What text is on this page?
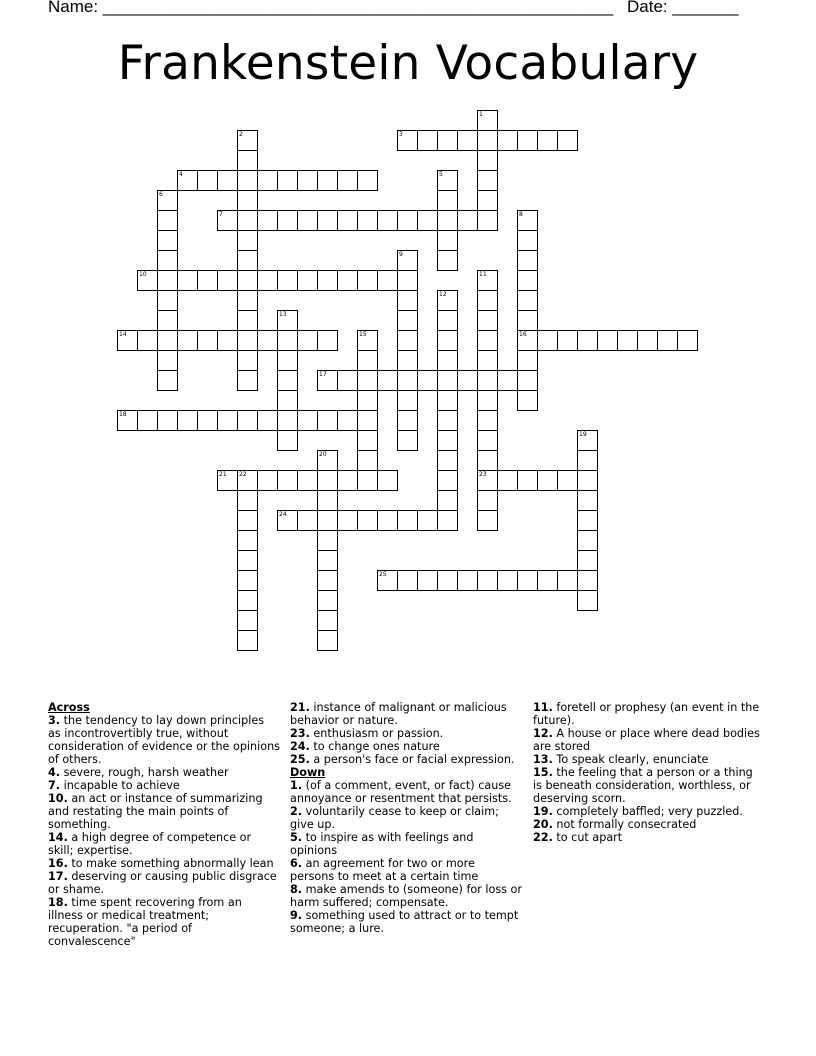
Name: ______________________________________________________ Date: _______
Frankenstein Vocabulary
3
4
7
10
14	16
17
18
21 22	23
24
25
1
2
5
6
8
9
11
12
13
15
19
20
Across
3. the tendency to lay down principles as incontrovertibly true, without consideration of evidence or the opinions of others.
4. severe, rough, harsh weather
7. incapable to achieve
10. an act or instance of summarizing and restating the main points of something.
14. a high degree of competence or skill; expertise.
16. to make something abnormally lean
17. deserving or causing public disgrace or shame.
18. time spent recovering from an illness or medical treatment; recuperation. "a period of convalescence"
21. instance of malignant or malicious behavior or nature.
23. enthusiasm or passion.
24. to change ones nature
25. a person's face or facial expression.
Down
1. (of a comment, event, or fact) cause annoyance or resentment that persists.
2. voluntarily cease to keep or claim; give up.
5. to inspire as with feelings and opinions
6. an agreement for two or more persons to meet at a certain time
8. make amends to (someone) for loss or harm suffered; compensate.
9. something used to attract or to tempt someone; a lure.
11. foretell or prophesy (an event in the future).
12. A house or place where dead bodies are stored
13. To speak clearly, enunciate
15. the feeling that a person or a thing is beneath consideration, worthless, or deserving scorn.
19. completely baffled; very puzzled.
20. not formally consecrated
22. to cut apart
